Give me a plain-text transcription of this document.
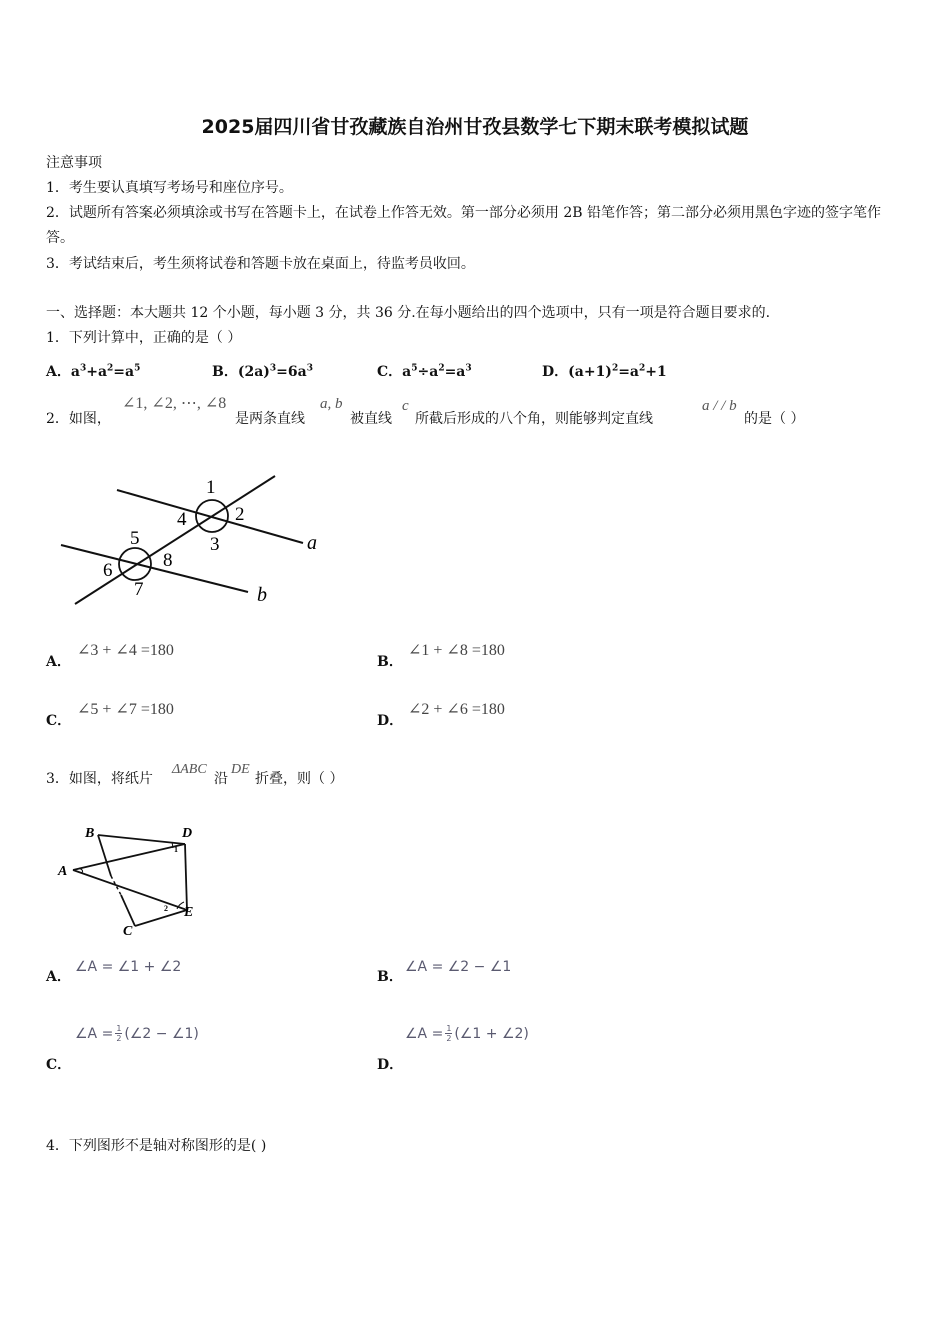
2025届四川省甘孜藏族自治州甘孜县数学七下期末联考模拟试题
注意事项
1．考生要认真填写考场号和座位序号。
2．试题所有答案必须填涂或书写在答题卡上，在试卷上作答无效。第一部分必须用 2B 铅笔作答；第二部分必须用黑色字迹的签字笔作答。
3．考试结束后，考生须将试卷和答题卡放在桌面上，待监考员收回。
一、选择题：本大题共 12 个小题，每小题 3 分，共 36 分.在每小题给出的四个选项中，只有一项是符合题目要求的.
1．下列计算中，正确的是（ ）
A．$a^3+a^2=a^5$	B．$(2a)^3=6a^3$	C．$a^5\div a^2=a^3$	D．$(a+1)^2=a^2+1$
2．如图，
∠1, ∠2, ⋯, ∠8
是两条直线
a, b
被直线
c
所截后形成的八个角，则能够判定直线
a / / b
的是（ ）
1
2
3
4
5
6
7
8
a
b
A．
∠3 + ∠4 =180
B．
∠1 + ∠8 =180
C．
∠5 + ∠7 =180
D．
∠2 + ∠6 =180
3．如图，将纸片
ΔABC
沿
DE
折叠，则（ ）
A
B
C
D
E
1
2
A．
∠A = ∠1 + ∠2
B．
∠A = ∠2 − ∠1
C．
∠A = $\frac{1}{2}$ (∠2 − ∠1)
D．
∠A = $\frac{1}{2}$ (∠1 + ∠2)
4．下列图形不是轴对称图形的是( )
